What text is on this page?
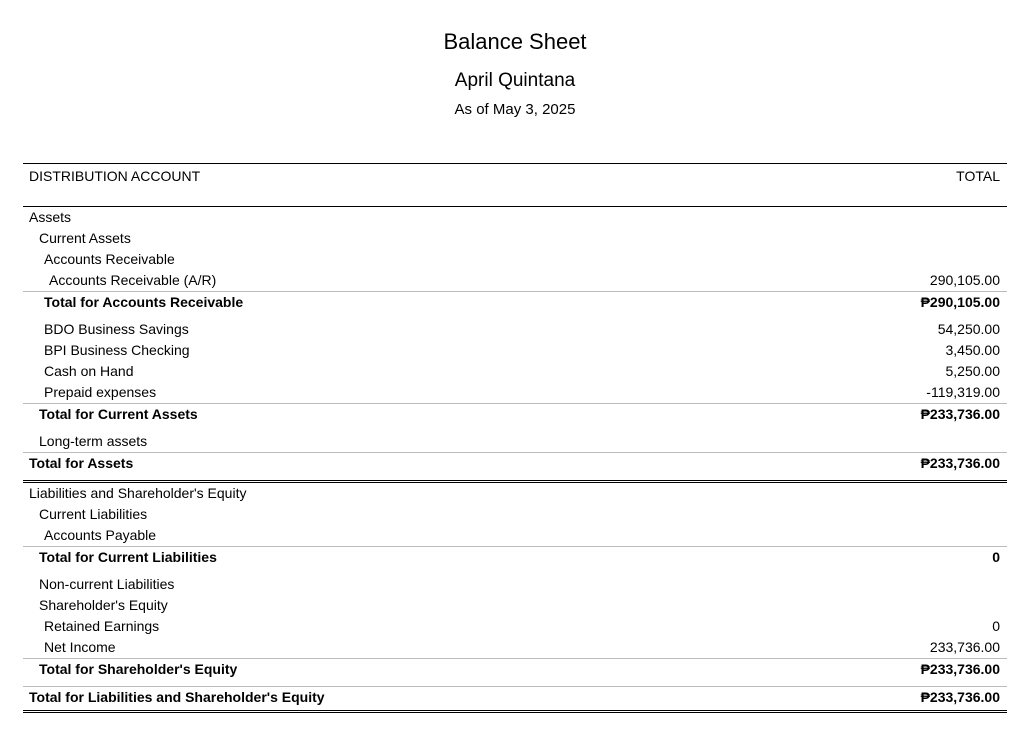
Balance Sheet
April Quintana
As of May 3, 2025
DISTRIBUTION ACCOUNT	TOTAL
Assets
Current Assets
Accounts Receivable
Accounts Receivable (A/R)	290,105.00
Total for Accounts Receivable	₱290,105.00
BDO Business Savings	54,250.00
BPI Business Checking	3,450.00
Cash on Hand	5,250.00
Prepaid expenses	-119,319.00
Total for Current Assets	₱233,736.00
Long-term assets
Total for Assets	₱233,736.00
Liabilities and Shareholder's Equity
Current Liabilities
Accounts Payable
Total for Current Liabilities	0
Non-current Liabilities
Shareholder's Equity
Retained Earnings	0
Net Income	233,736.00
Total for Shareholder's Equity	₱233,736.00
Total for Liabilities and Shareholder's Equity	₱233,736.00
